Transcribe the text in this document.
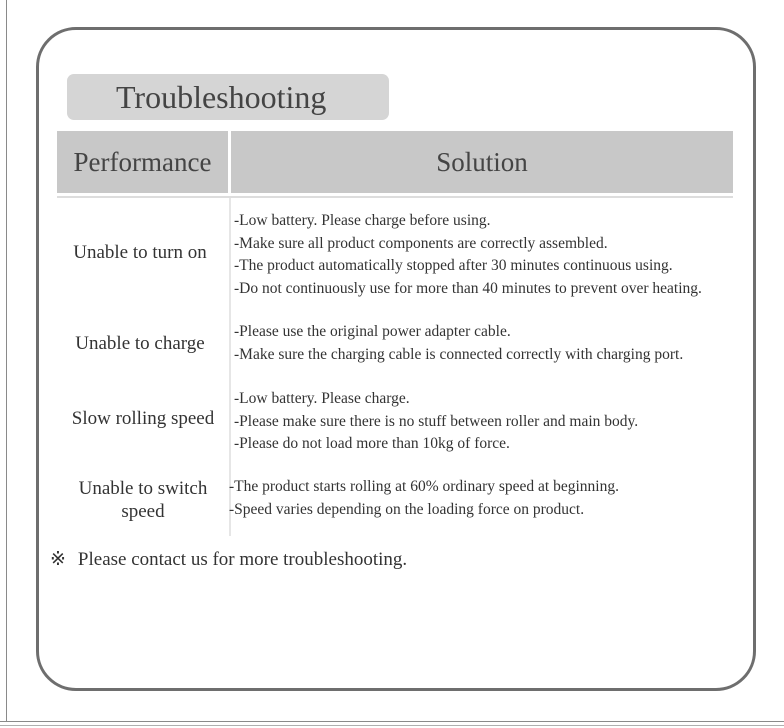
Troubleshooting
Performance	Solution
Unable to turn on
-Low battery. Please charge before using.
-Make sure all product components are correctly assembled.
-The product automatically stopped after 30 minutes continuous using.
-Do not continuously use for more than 40 minutes to prevent over heating.
Unable to charge
-Please use the original power adapter cable.
-Make sure the charging cable is connected correctly with charging port.
Slow rolling speed
-Low battery. Please charge.
-Please make sure there is no stuff between roller and main body.
-Please do not load more than 10kg of force.
Unable to switch
speed
-The product starts rolling at 60% ordinary speed at beginning.
-Speed varies depending on the loading force on product.
※ Please contact us for more troubleshooting.
